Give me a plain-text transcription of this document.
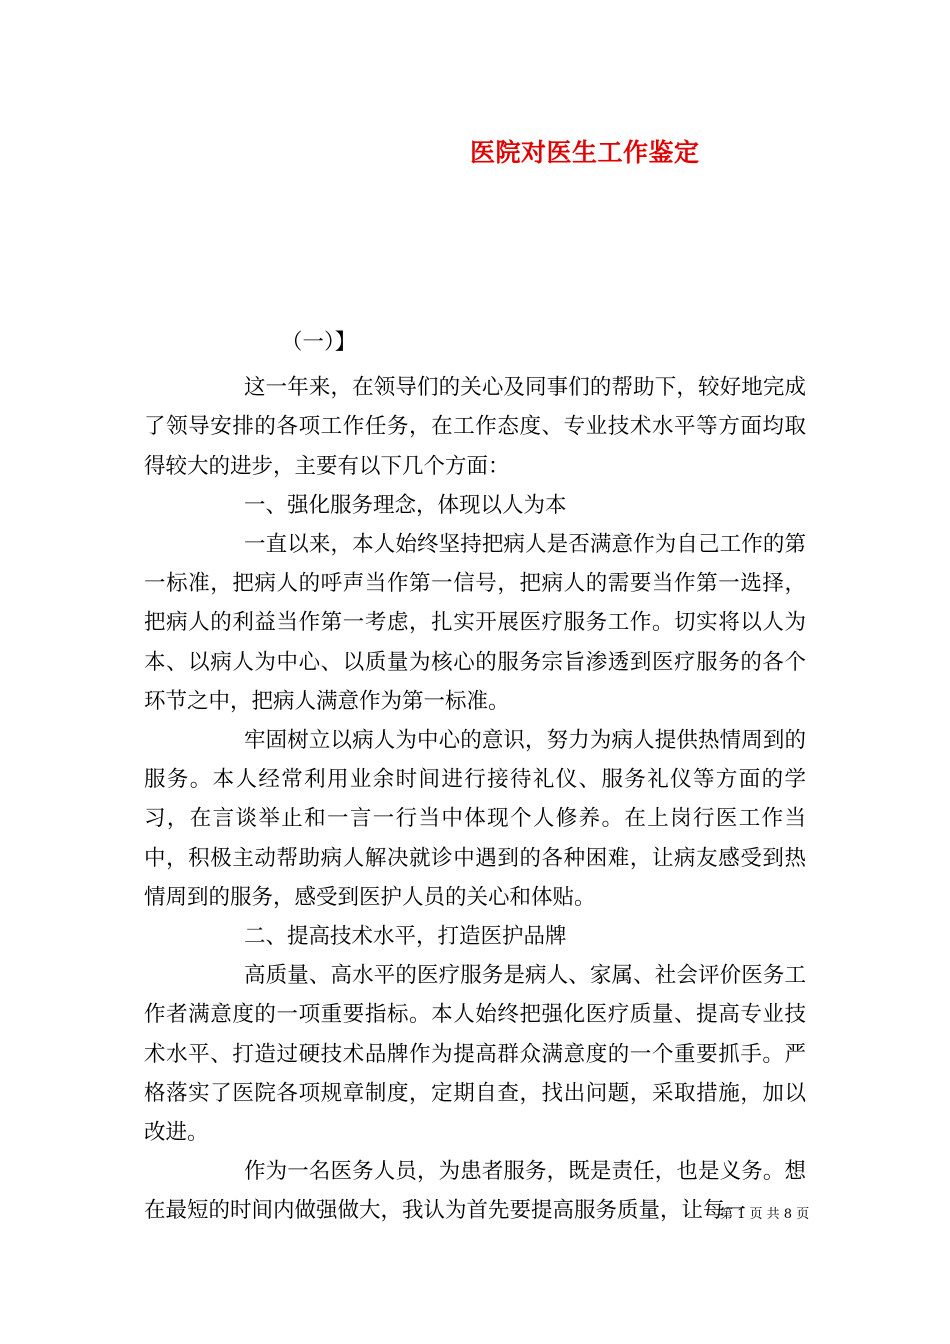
医院对医生工作鉴定

（一）】

这一年来，在领导们的关心及同事们的帮助下，较好地完成了领导安排的各项工作任务，在工作态度、专业技术水平等方面均取得较大的进步，主要有以下几个方面：

一、强化服务理念，体现以人为本

一直以来，本人始终坚持把病人是否满意作为自己工作的第一标准，把病人的呼声当作第一信号，把病人的需要当作第一选择，把病人的利益当作第一考虑，扎实开展医疗服务工作。切实将以人为本、以病人为中心、以质量为核心的服务宗旨渗透到医疗服务的各个环节之中，把病人满意作为第一标准。

牢固树立以病人为中心的意识，努力为病人提供热情周到的服务。本人经常利用业余时间进行接待礼仪、服务礼仪等方面的学习，在言谈举止和一言一行当中体现个人修养。在上岗行医工作当中，积极主动帮助病人解决就诊中遇到的各种困难，让病友感受到热情周到的服务，感受到医护人员的关心和体贴。

二、提高技术水平，打造医护品牌

高质量、高水平的医疗服务是病人、家属、社会评价医务工作者满意度的一项重要指标。本人始终把强化医疗质量、提高专业技术水平、打造过硬技术品牌作为提高群众满意度的一个重要抓手。严格落实了医院各项规章制度，定期自查，找出问题，采取措施，加以改进。

作为一名医务人员，为患者服务，既是责任，也是义务。想在最短的时间内做强做大，我认为首先要提高服务质量，让每一

第 1 页 共 8 页
